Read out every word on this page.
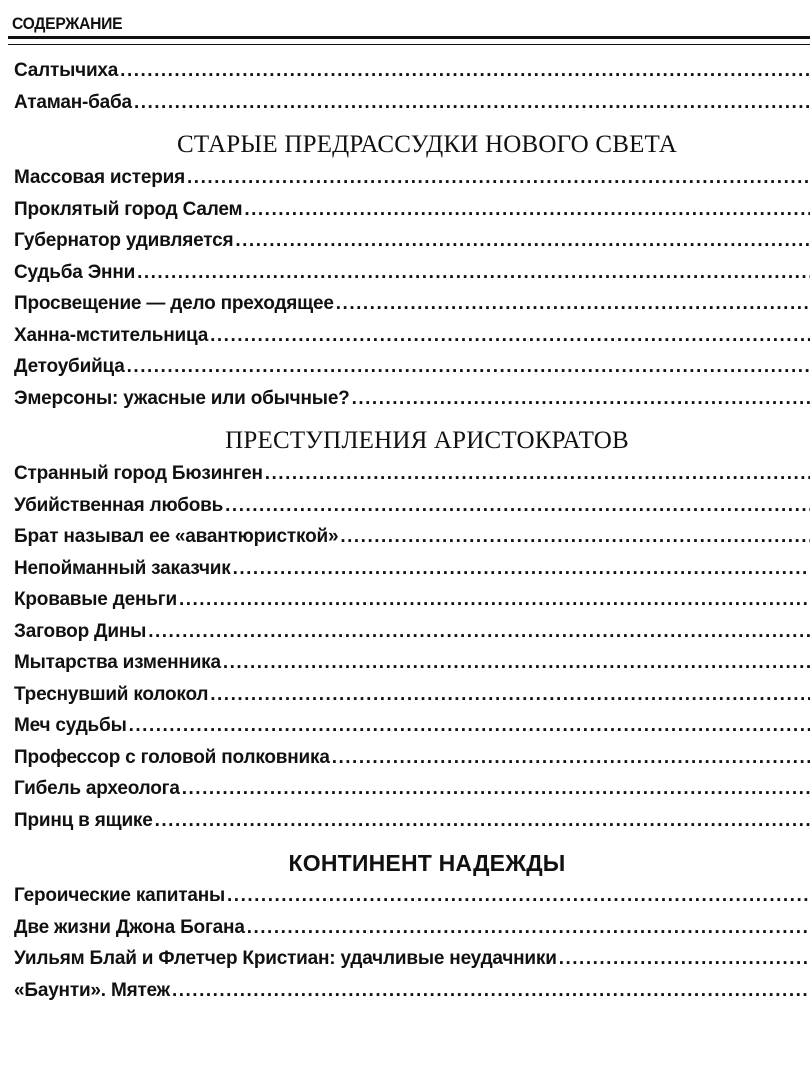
СОДЕРЖАНИЕ
Салтычиха
.....
Атаман-баба
.....
СТАРЫЕ ПРЕДРАССУДКИ НОВОГО СВЕТА
Массовая истерия
.....
Проклятый город Салем
.....
Губернатор удивляется
.....
Судьба Энни
.....
Просвещение — дело преходящее
.....
Ханна-мстительница
.....
Детоубийца
.....
Эмерсоны: ужасные или обычные?
.....
ПРЕСТУПЛЕНИЯ АРИСТОКРАТОВ
Странный город Бюзинген
.....
Убийственная любовь
.....
Брат называл ее «авантюристкой»
.....
Непойманный заказчик
.....
Кровавые деньги
.....
Заговор Дины
.....
Мытарства изменника
.....
Треснувший колокол
.....
Меч судьбы
.....
Профессор с головой полковника
.....
Гибель археолога
.....
Принц в ящике
.....
КОНТИНЕНТ НАДЕЖДЫ
Героические капитаны
.....
Две жизни Джона Богана
.....
Уильям Блай и Флетчер Кристиан: удачливые неудачники
.....
«Баунти». Мятеж
.....
